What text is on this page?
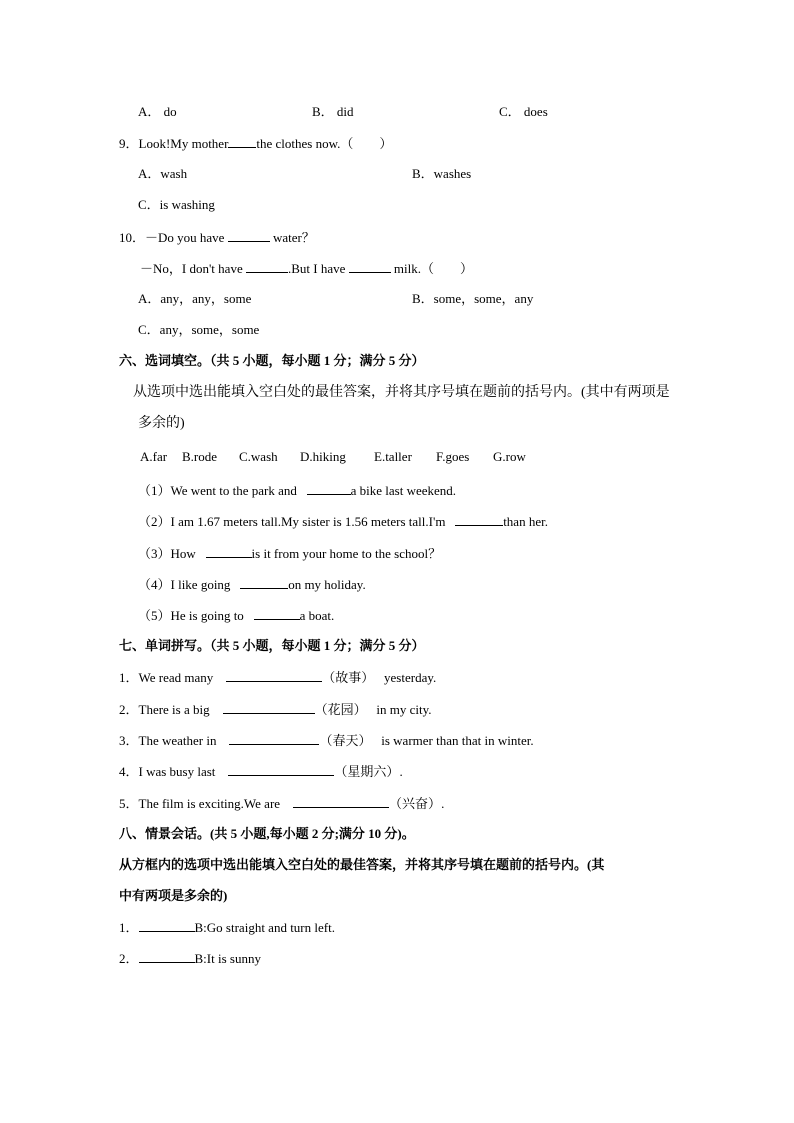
A． do	B． did	C． does
9．Look!My mother the clothes now.（　　）
A．wash	B．washes
C．is washing
10．－Do you have	water？
－No，I don't have	.But I have	milk.（　　）
A．any，any，some	B．some，some，any
C．any，some，some
六、选词填空。（共 5 小题，每小题 1 分；满分 5 分）
从选项中选出能填入空白处的最佳答案，并将其序号填在题前的括号内。(其中有两项是
多余的)
A.far B.rode C.wash D.hiking E.taller F.goes G.row
（1）We went to the park and	a bike last weekend.
（2）I am 1.67 meters tall.My sister is 1.56 meters tall.I'm	than her.
（3）How	is it from your home to the school？
（4）I like going	on my holiday.
（5）He is going to	a boat.
七、单词拼写。（共 5 小题，每小题 1 分；满分 5 分）
1．We read many	（故事） yesterday.
2．There is a big	（花园） in my city.
3．The weather in	（春天） is warmer than that in winter.
4．I was busy last	（星期六）.
5．The film is exciting.We are	（兴奋）.
八、情景会话。(共 5 小题,每小题 2 分;满分 10 分)。
从方框内的选项中选出能填入空白处的最佳答案，并将其序号填在题前的括号内。(其
中有两项是多余的)
1．	B:Go straight and turn left.
2．	B:It is sunny
